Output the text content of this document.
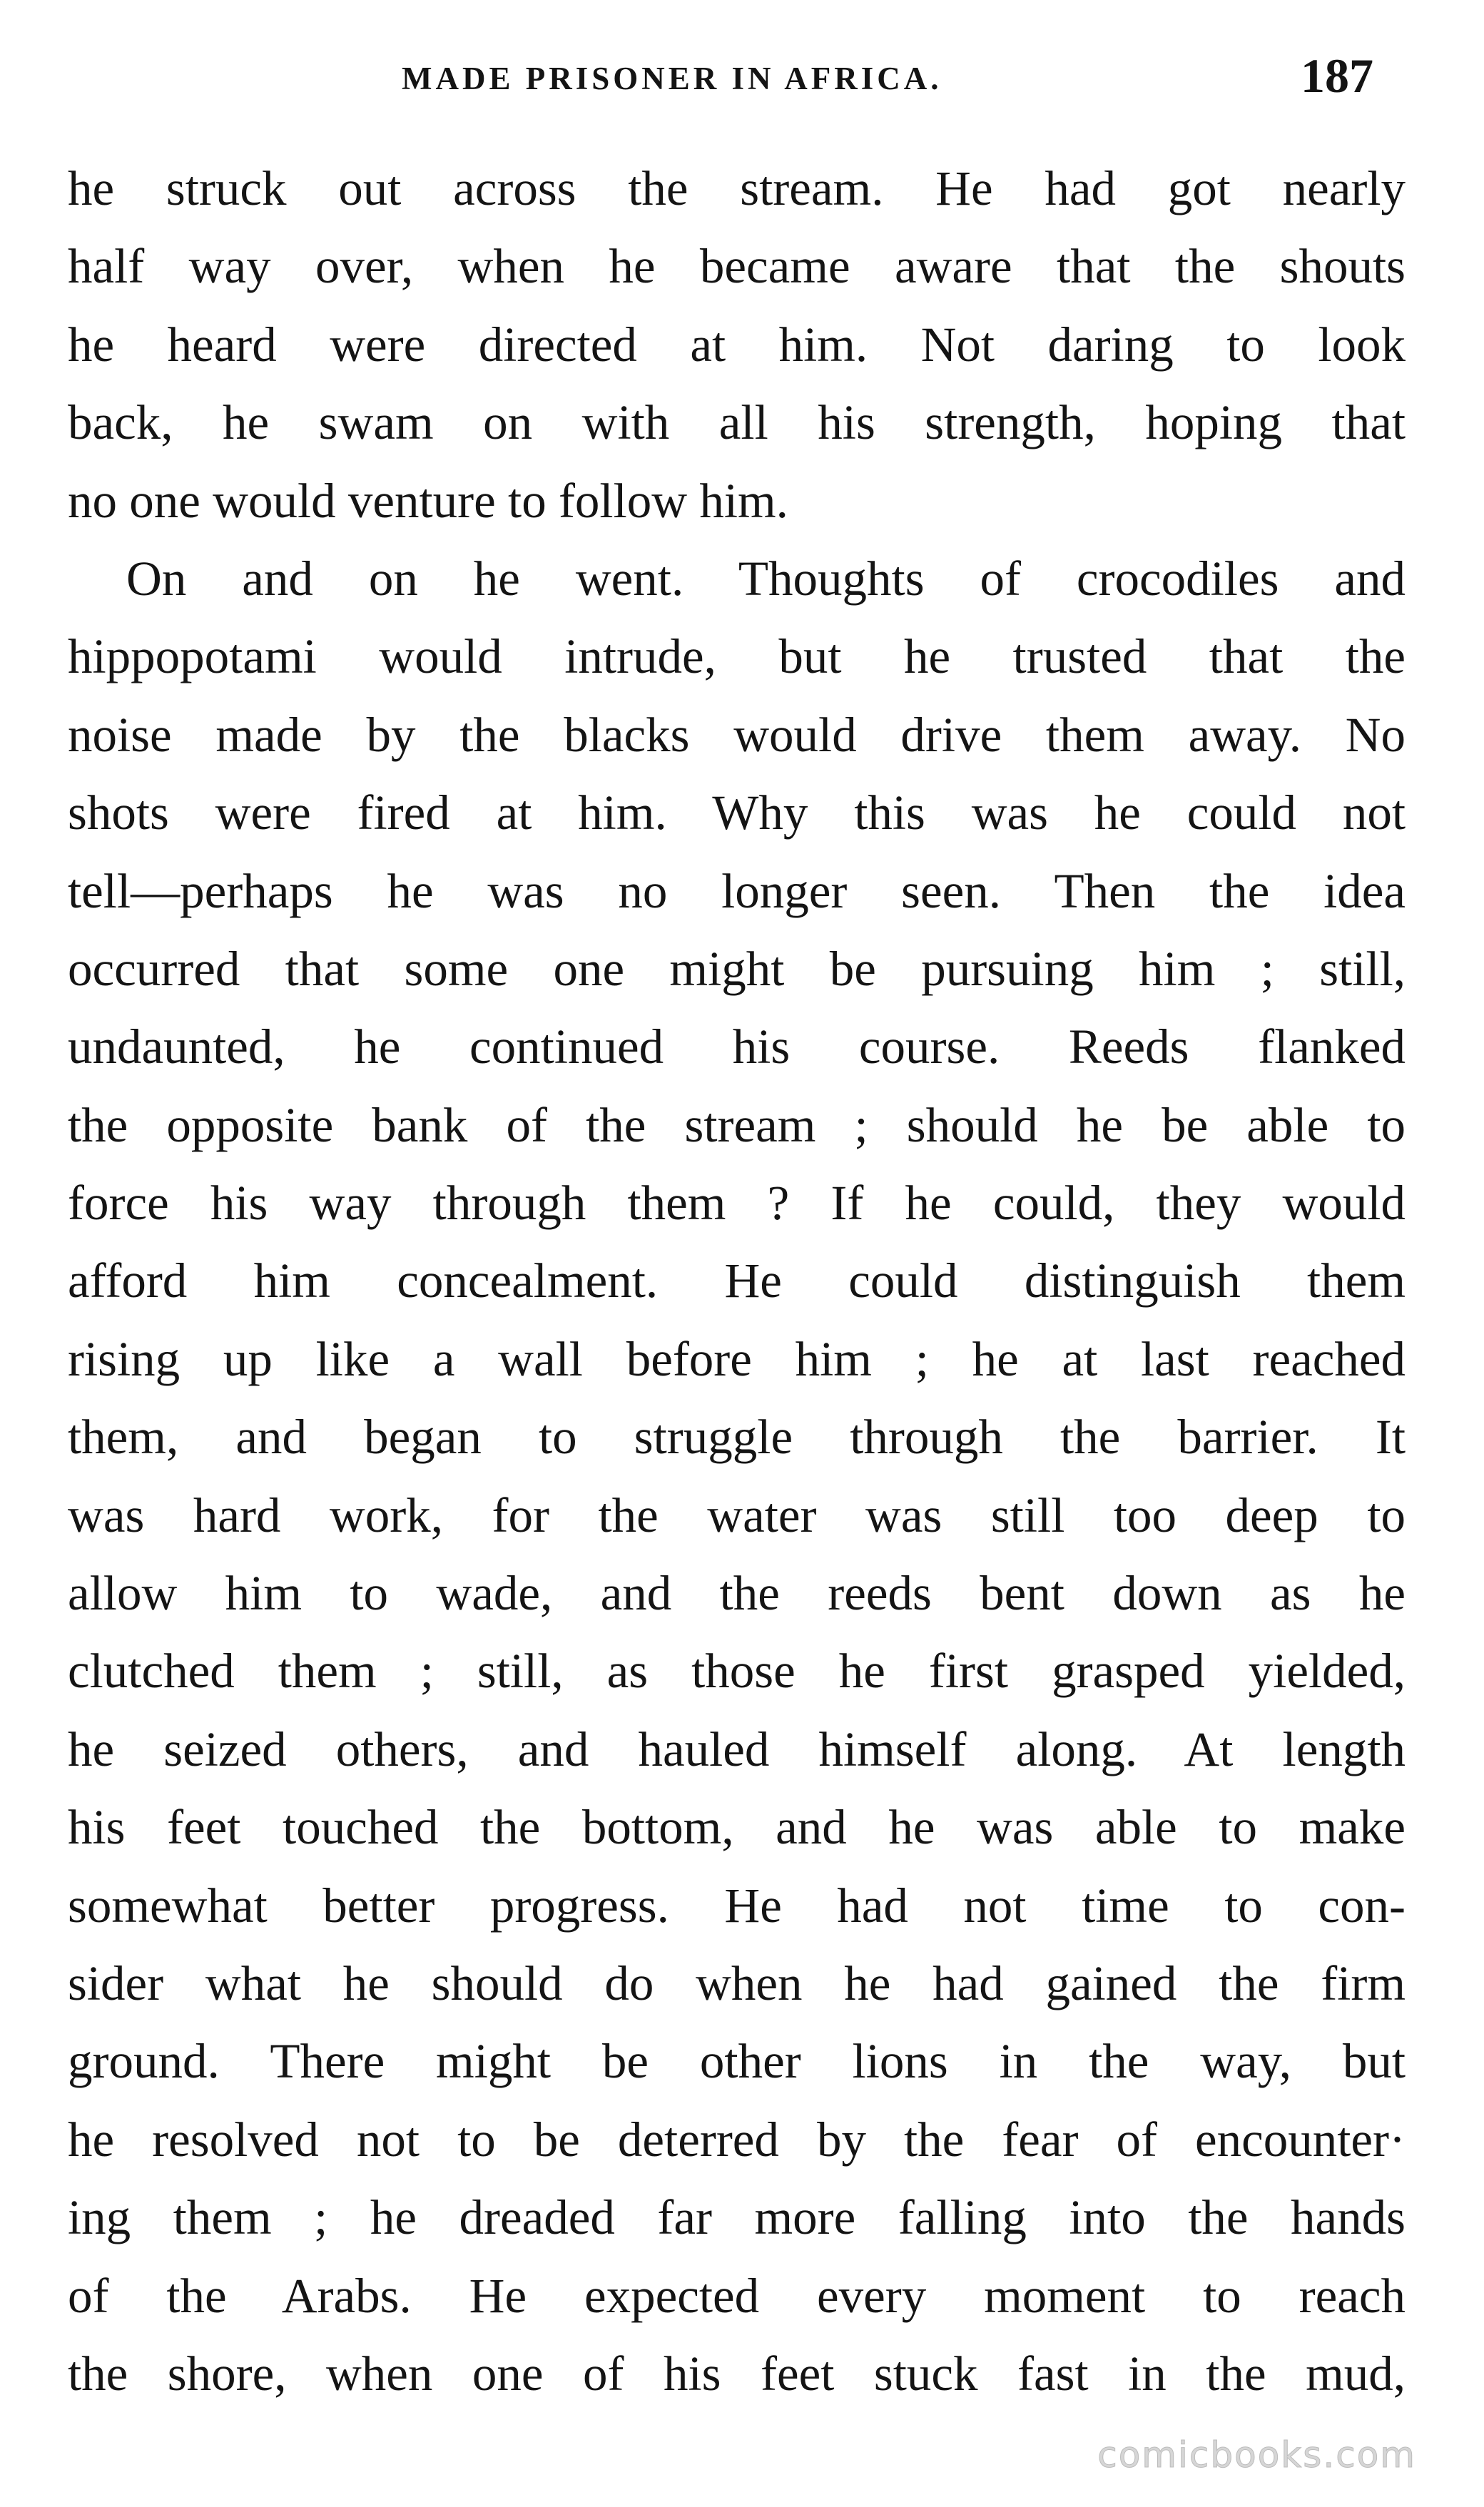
MADE PRISONER IN AFRICA.	187
he struck out across the stream. He had got nearly
half way over, when he became aware that the shouts
he heard were directed at him. Not daring to look
back, he swam on with all his strength, hoping that
no one would venture to follow him.
On and on he went. Thoughts of crocodiles and
hippopotami would intrude, but he trusted that the
noise made by the blacks would drive them away. No
shots were fired at him. Why this was he could not
tell—perhaps he was no longer seen. Then the idea
occurred that some one might be pursuing him ; still,
undaunted, he continued his course. Reeds flanked
the opposite bank of the stream ; should he be able to
force his way through them ? If he could, they would
afford him concealment. He could distinguish them
rising up like a wall before him ; he at last reached
them, and began to struggle through the barrier. It
was hard work, for the water was still too deep to
allow him to wade, and the reeds bent down as he
clutched them ; still, as those he first grasped yielded,
he seized others, and hauled himself along. At length
his feet touched the bottom, and he was able to make
somewhat better progress. He had not time to con-
sider what he should do when he had gained the firm
ground. There might be other lions in the way, but
he resolved not to be deterred by the fear of encounter·
ing them ; he dreaded far more falling into the hands
of the Arabs. He expected every moment to reach
the shore, when one of his feet stuck fast in the mud,
comicbooks.com
